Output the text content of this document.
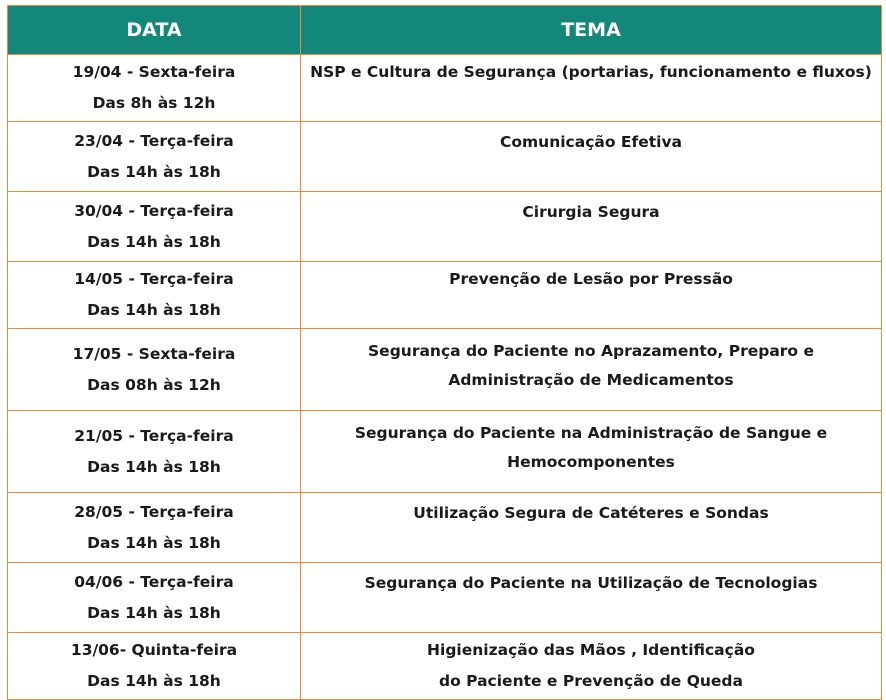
DATA	TEMA

19/04 - Sexta-feira
Das 8h às 12h	NSP e Cultura de Segurança (portarias, funcionamento e fluxos)

23/04 - Terça-feira
Das 14h às 18h	Comunicação Efetiva

30/04 - Terça-feira
Das 14h às 18h	Cirurgia Segura

14/05 - Terça-feira
Das 14h às 18h	Prevenção de Lesão por Pressão

17/05 - Sexta-feira
Das 08h às 12h	Segurança do Paciente no Aprazamento, Preparo e
Administração de Medicamentos

21/05 - Terça-feira
Das 14h às 18h	Segurança do Paciente na Administração de Sangue e
Hemocomponentes

28/05 - Terça-feira
Das 14h às 18h	Utilização Segura de Catéteres e Sondas

04/06 - Terça-feira
Das 14h às 18h	Segurança do Paciente na Utilização de Tecnologias

13/06- Quinta-feira
Das 14h às 18h	Higienização das Mãos , Identificação
do Paciente e Prevenção de Queda
